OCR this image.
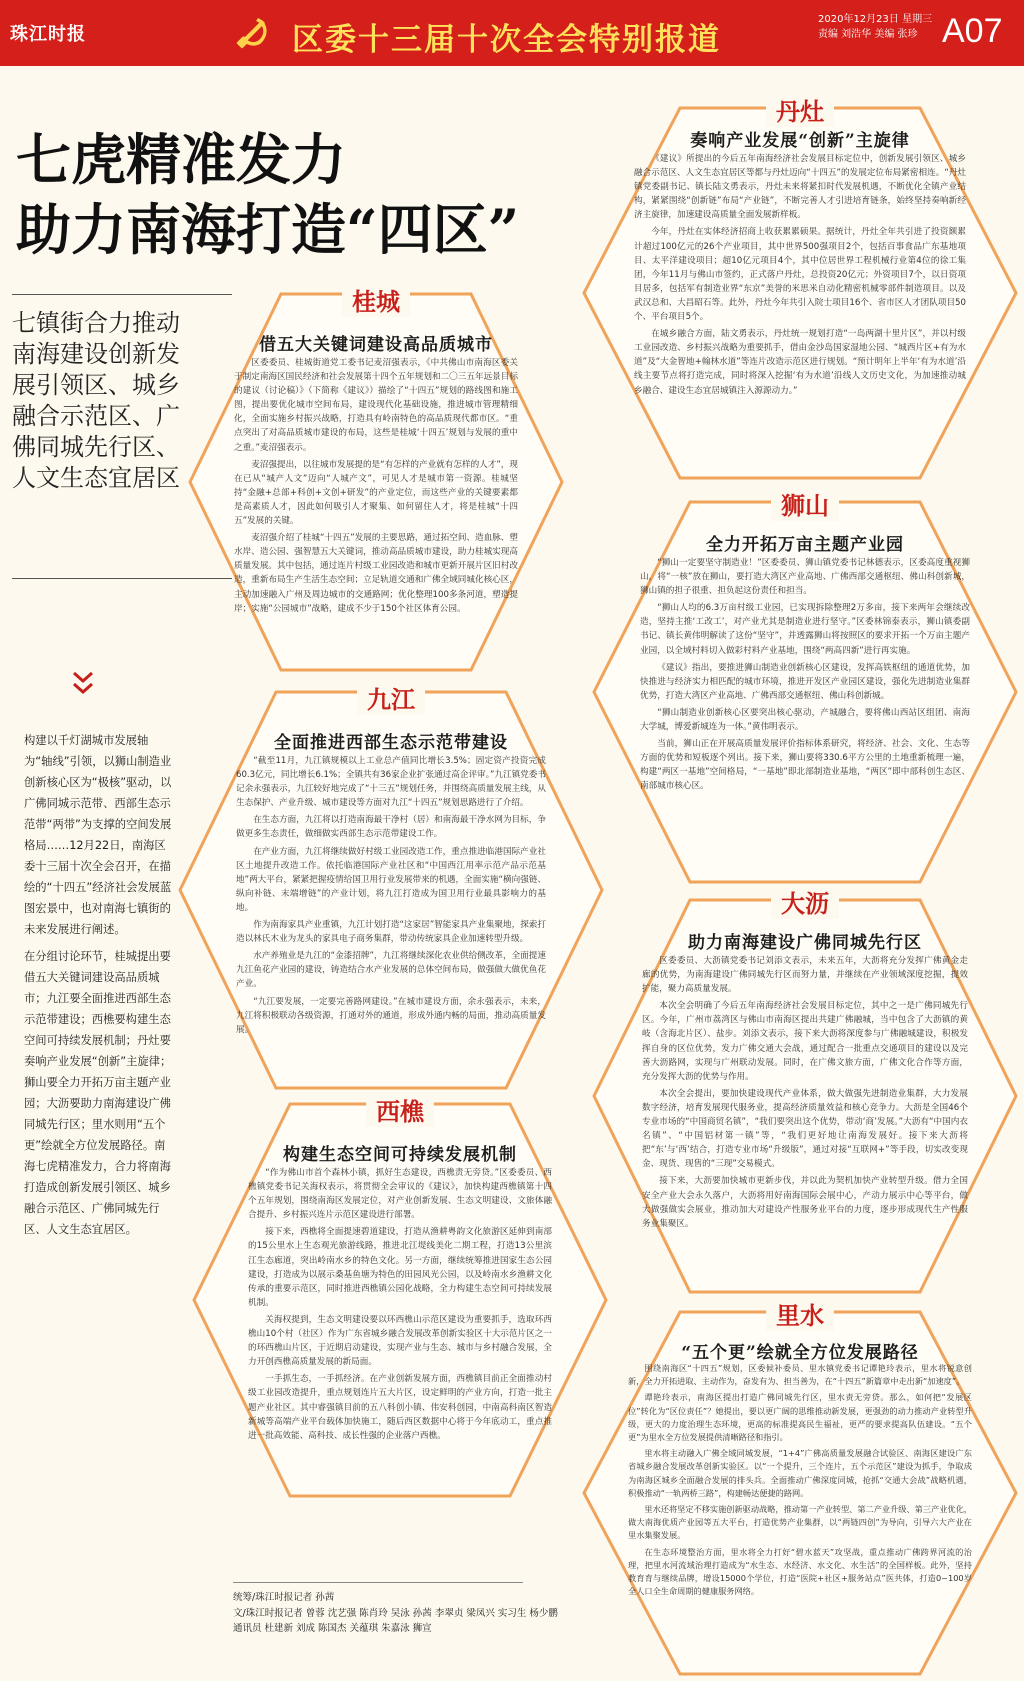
珠江时报	区委十三届十次全会特别报道
2020年12月23日 星期三
责编 刘浩华 美编 张珍 A07
七虎精准发力
助力南海打造“四区”
七镇街合力推动南海建设创新发展引领区、城乡融合示范区、广佛同城先行区、人文生态宜居区

构建以千灯湖城市发展轴为“轴线”引领，以狮山制造业创新核心区为“极核”驱动，以广佛同城示范带、西部生态示范带“两带”为支撑的空间发展格局……12月22日，南海区委十三届十次全会召开，在描绘的“十四五”经济社会发展蓝图宏景中，也对南海七镇街的未来发展进行阐述。

在分组讨论环节，桂城提出要借五大关键词建设高品质城市；九江要全面推进西部生态示范带建设；西樵要构建生态空间可持续发展机制；丹灶要奏响产业发展“创新”主旋律；狮山要全力开拓万亩主题产业园；大沥要助力南海建设广佛同城先行区；里水则用“五个更”绘就全方位发展路径。南海七虎精准发力，合力将南海打造成创新发展引领区、城乡融合示范区、广佛同城先行区、人文生态宜居区。

桂城
借五大关键词建设高品质城市

区委委员、桂城街道党工委书记麦沼强表示，《中共佛山市南海区委关于制定南海区国民经济和社会发展第十四个五年规划和二〇三五年远景目标的建议（讨论稿）》（下简称《建议》）描绘了“十四五”规划的路线图和施工图，提出要优化城市空间布局，建设现代化基础设施，推进城市管理精细化，全面实施乡村振兴战略，打造具有岭南特色的高品质现代都市区。“重点突出了对高品质城市建设的布局，这些是桂城‘十四五’规划与发展的重中之重。”麦沼强表示。

麦沼强提出，以往城市发展提的是“有怎样的产业就有怎样的人才”，现在已从“城产人文”迈向“人城产文”，可见人才是城市第一资源。桂城坚持“金融+总部+科创+文创+研发”的产业定位，而这些产业的关键要素都是高素质人才，因此如何吸引人才聚集、如何留住人才，将是桂城“十四五”发展的关键。

麦沼强介绍了桂城“十四五”发展的主要思路，通过拓空间、造血脉、塑水岸、造公园、强智慧五大关键词，推动高品质城市建设，助力桂城实现高质量发展。其中包括，通过连片村级工业园改造和城市更新开展片区旧村改造，重新布局生产生活生态空间；立足轨道交通和广佛全域同城化核心区，主动加速融入广州及周边城市的交通路网；优化整理100多条河道，塑造提岸；实施“公园城市”战略，建成不少于150个社区体育公园。

九江
全面推进西部生态示范带建设

“截至11月，九江镇规模以上工业总产值同比增长3.5%；固定资产投资完成60.3亿元，同比增长6.1%；全镇共有36家企业扩张通过高企评审。”九江镇党委书记余永强表示，九江较好地完成了“十三五”规划任务，并围绕高质量发展主线，从生态保护、产业升级、城市建设等方面对九江“十四五”规划思路进行了介绍。

在生态方面，九江将以打造南海最干净村（居）和南海最干净水网为目标，争做更多生态责任，做细做实西部生态示范带建设工作。

在产业方面，九江将继续做好村级工业园改造工作，重点推进临港国际产业社区土地提升改造工作。依托临港国际产业社区和“中国西江用率示范产品示范基地”两大平台，紧紧把握疫情给国卫用行业发展带来的机遇，全面实施“横向强链、纵向补链、末端增链”的产业计划，将九江打造成为国卫用行业最具影响力的基地。

作为南海家具产业重镇，九江计划打造“这家居”智能家具产业集聚地，探索打造以林氏木业为龙头的家具电子商务集群，带动传统家具企业加速转型升级。

水产养殖业是九江的“金漆招牌”，九江将继续深化农业供给侧改革，全面提速九江鱼花产业园的建设，铸造结合水产业发展的总体空间布局，做强做大做优鱼花产业。

“九江要发展，一定要完善路网建设。”在城市建设方面，余永强表示，未来，九江将积极联动各级资源，打通对外的通道，形成外通内畅的局面，推动高质量发展。

西樵
构建生态空间可持续发展机制

“作为佛山市首个森林小镇，抓好生态建设，西樵责无旁贷。”区委委员、西樵镇党委书记关海权表示，将贯彻全会审议的《建议》，加快构建西樵镇第十四个五年规划，围绕南海区发展定位，对产业创新发展、生态文明建设、文旅体融合提升、乡村振兴连片示范区建设进行部署。

接下来，西樵将全面提速碧道建设，打造从渔耕粤韵文化旅游区延伸到南部的15公里水上生态观光旅游线路，推进北江堤线美化二期工程，打造13公里滨江生态廊道，突出岭南水乡的特色文化。另一方面，继续统筹推进国家生态公园建设，打造成为以展示桑基鱼塘为特色的田园风光公园，以及岭南水乡渔耕文化传承的重要示范区，同时推进西樵镇公园化战略，全力构建生态空间可持续发展机制。

关海权提到，生态文明建设要以环西樵山示范区建设为重要抓手，选取环西樵山10个村（社区）作为广东省城乡融合发展改革创新实验区十大示范片区之一的环西樵山片区，于近期启动建设，实现产业与生态、城市与乡村融合发展，全力开创西樵高质量发展的新局面。

一手抓生态，一手抓经济。在产业创新发展方面，西樵镇目前正全面推动村级工业园改造提升，重点规划连片五大片区，设定鲜明的产业方向，打造一批主题产业社区。其中睿强镇目前的五八科创小镇、伟安科创园，中南高科南区智造新城等高端产业平台载体加快施工，随后西区数据中心将于今年底动工，重点推进一批高效能、高科技、成长性强的企业落户西樵。

丹灶
奏响产业发展“创新”主旋律

《建议》所提出的今后五年南海经济社会发展目标定位中，创新发展引领区、城乡融合示范区、人文生态宜居区等都与丹灶迈向“十四五”的发展定位布局紧密相连。“丹灶镇党委副书记、镇长陆文勇表示，丹灶未来将紧扣时代发展机遇，不断优化全镇产业结构，紧紧围绕“创新链”布局“产业链”，不断完善人才引进培育链条，始终坚持奏响新经济主旋律，加速建设高质量全面发展新样板。

今年，丹灶在实体经济招商上收获累累硕果。据统计，丹灶全年共引进了投资额累计超过100亿元的26个产业项目，其中世界500强项目2个，包括百事食品广东基地项目、太平洋建设项目；超10亿元项目4个，其中位居世界工程机械行业第4位的徐工集团，今年11月与佛山市签约，正式落户丹灶，总投资20亿元；外资项目7个，以日资项目居多，包括军有制造业界“东京”美誉的米思米自动化精密机械零部件制造项目。以及武汉总和、大昌昭石等。此外，丹灶今年共引入院士项目16个、省市区人才团队项目50个、平台项目5个。

在城乡融合方面，陆文勇表示，丹灶统一规划打造“一岛两湖十里片区”，并以村级工业园改造、乡村振兴战略为重要抓手，借由金沙岛国家湿地公园、“城西片区+有为水道”及“大金智地+翰林水道”等连片改造示范区进行规划。“预计明年上半年‘有为水道’沿线主要节点将打造完成，同时将深入挖掘‘有为水道’沿线人文历史文化，为加速推动城乡融合、建设生态宜居城镇注入源源动力。”

狮山
全力开拓万亩主题产业园

“狮山一定要坚守制造业！”区委委员、狮山镇党委书记林德表示，区委高度重视狮山，将“一核”放在狮山，要打造大湾区产业高地、广佛西部交通枢纽、佛山科创新城，狮山镇的担子很重、担负起这份责任和担当。

“狮山人均的6.3万亩村级工业园，已实现拆除整理2万多亩，接下来两年会继续改造，坚持主推‘工改工’，对产业尤其是制造业进行坚守。”区委林锦泰表示，狮山镇委副书记、镇长黄伟明解读了这份“坚守”，并透露狮山将按照区的要求开拓一个万亩主题产业园，以全域村料切入做彩村料产业基地，围绕“两高四新”进行再实施。

《建议》指出，要推进狮山制造业创新核心区建设，发挥高铁枢纽的通道优势，加快推进与经济实力相匹配的城市环境，推进开发区产业园区建设，强化先进制造业集群优势，打造大湾区产业高地、广佛西部交通枢纽、佛山科创新城。

“狮山制造业创新核心区要突出核心驱动，产城融合，要将佛山西站区组团、南海大学城，博爱新城连为一体。”黄伟明表示。

当前，狮山正在开展高质量发展评价指标体系研究，将经济、社会、文化、生态等方面的优势和短板逐个列出。接下来，狮山要将330.6平方公里的土地重新梳理一遍，构建“两区一基地”空间格局，“一基地”即北部制造业基地，“两区”即中部科创生态区、南部城市核心区。

大沥
助力南海建设广佛同城先行区

区委委员、大沥镇党委书记刘添文表示，未来五年，大沥将充分发挥广佛黄金走廊的优势，为南海建设广佛同城先行区而努力量，并继续在产业领域深度挖掘，提效扩能，聚力高质量发展。

本次全会明确了今后五年南海经济社会发展目标定位，其中之一是广佛同城先行区。今年，广州市荔湾区与佛山市南海区提出共建广佛融城，当中包含了大沥镇的黄岐（含海北片区）、盐步。刘添文表示，接下来大沥将深度参与广佛融城建设，积极发挥自身的区位优势，发力广佛交通大会战，通过配合一批重点交通项目的建设以及完善大沥路网，实现与广州联动发展。同时，在广佛文旅方面，广佛文化合作等方面，充分发挥大沥的优势与作用。

本次全会提出，要加快建设现代产业体系，做大做强先进制造业集群，大力发展数字经济，培育发展现代服务业，提高经济质量效益和核心竞争力。大沥是全国46个专业市场的“中国商贸名镇”，“我们要突出这个优势，带动‘商’发展。”大沥有“中国内衣名镇”、“中国铝材第一镇”等，“我们更好地让南海发展好。接下来大沥将把“东’与‘西’结合，打造专业市场“升级版”，通过对接“互联网+”等手段，切实改变现金、现货、现售的“三现”交易模式。

接下来，大沥要加快城市更新步伐，并以此为契机加快产业转型升级。借力全国安全产业大会永久落户，大沥将用好南海国际会展中心，产动力展示中心等平台，做大做强做实会展业，推动加大对建设产性服务业平台的力度，逐步形成现代生产性服务业集聚区。

里水
“五个更”绘就全方位发展路径

围绕南海区“十四五”规划，区委候补委员、里水镇党委书记谭艳玲表示，里水将锐意创新，全力开拓进取、主动作为，奋发有为、担当善为，在“十四五”新篇章中走出新“加速度”。

谭艳玲表示，南海区提出打造广佛同城先行区，里水责无旁贷。那么，如何把“发展区位”转化为“区位责任”？她提出，要以更广阔的思维推动新发展，更强劲的动力推动产业转型升级，更大的力度治理生态环境，更高的标准提高民生福祉，更严的要求提高队伍建设。“五个更”为里水全方位发展提供清晰路径和指引。

里水将主动融入广佛全域同城发展，“1+4”广佛高质量发展融合试验区、南海区建设广东省城乡融合发展改革创新实验区。以“一个提升，三个连片，五个示范区”建设为抓手，争取成为南海区城乡全面融合发展的排头兵。全面推动广佛深度同城，抢抓“交通大会战”战略机遇，积极推动“一轨两桥三路”，构建畅达便捷的路网。

里水还将坚定不移实施创新驱动战略，推动第一产业转型、第二产业升级、第三产业优化，做大南海优质产业园等五大平台，打造优势产业集群，以“两链四创”为导向，引导六大产业在里水集聚发展。

在生态环境整治方面，里水将全力打好“碧水蓝天”攻坚战，重点推动广佛跨界河流的治理，把里水河流域治理打造成为“水生态、水经济、水文化、水生活”的全国样板。此外，坚持教育育与继续品牌，增设15000个学位，打造“医院+社区+服务站点”医共体，打造0~100岁全人口全生命周期的健康服务网络。

统筹/珠江时报记者 孙茜
文/珠江时报记者 曾蓉 沈艺强 陈肖玲 吴泳 孙茜 李翠贞 梁凤兴 实习生 杨少鹏
通讯员 杜建新 刘成 陈国杰 关蕴琪 朱嘉泳 狮宣
